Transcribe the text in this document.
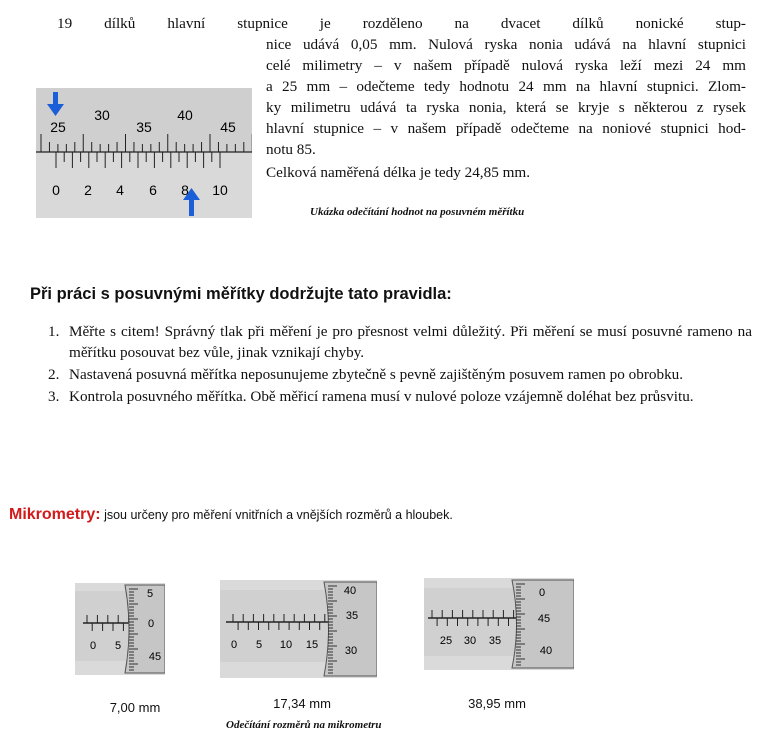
25
30
35
40
45
0 2 4 6 8 10
Ukázka odečítání hodnot na posuvném měřítku

19 dílků hlavní stupnice je rozděleno na dvacet dílků nonické stup-

nice udává 0,05 mm. Nulová ryska nonia udává na hlavní stupnici

celé milimetry – v našem případě nulová ryska leží mezi 24 mm

a 25 mm – odečteme tedy hodnotu 24 mm na hlavní stupnici. Zlom-

ky milimetru udává ta ryska nonia, která se kryje s některou z rysek

hlavní stupnice – v našem případě odečteme na noniové stupnici hod-

notu 85.

Celková naměřená délka je tedy 24,85 mm.

Při práci s posuvnými měřítky dodržujte tato pravidla:
1. Měřte s citem! Správný tlak při měření je pro přesnost velmi důležitý. Při měření se musí posuvné rameno na měřítku posouvat bez vůle, jinak vznikají chyby.
2. Nastavená posuvná měřítka neposunujeme zbytečně s pevně zajištěným posuvem ramen po obrobku.
3. Kontrola posuvného měřítka. Obě měřicí ramena musí v nulové poloze vzájemně doléhat bez průsvitu.
Mikrometry: jsou určeny pro měření vnitřních a vnějších rozměrů a hloubek.
0 5
5
0
45
0 5 10 15
40
35
30
25 30 35
0
45
40
7,00 mm	17,34 mm	38,95 mm
Odečítání rozměrů na mikrometru
